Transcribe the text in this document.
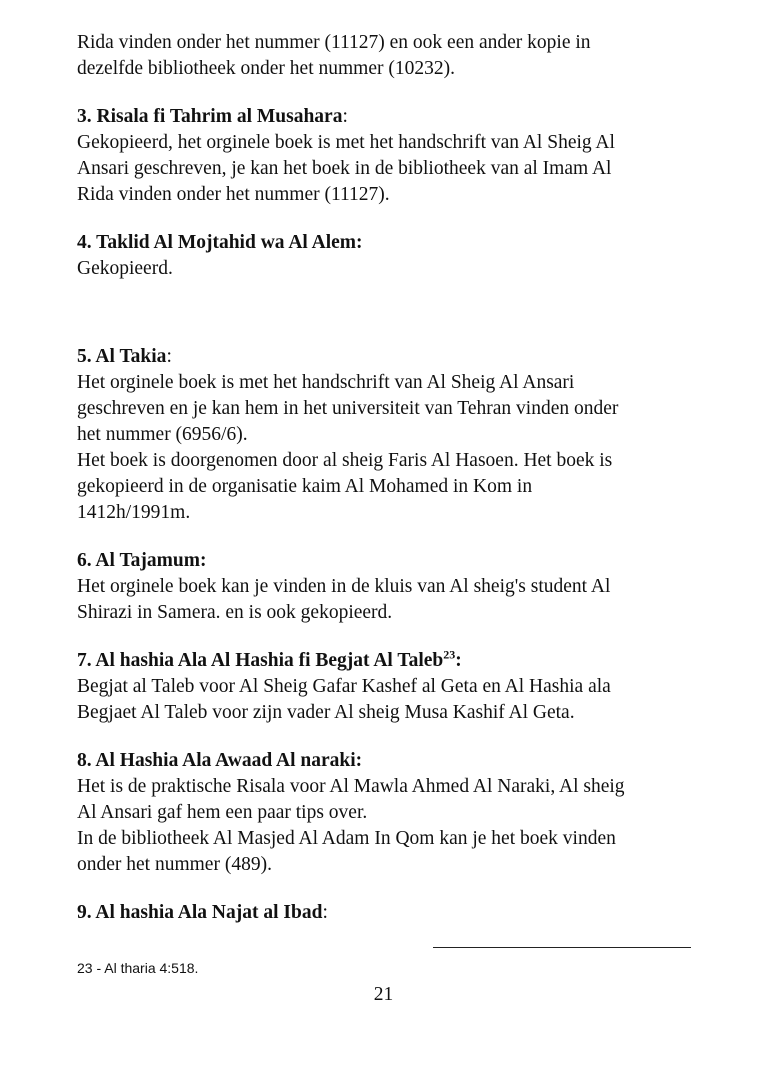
Rida vinden onder het nummer (11127) en ook een ander kopie in

dezelfde bibliotheek onder het nummer (10232).

3. Risala fi Tahrim al Musahara:

Gekopieerd, het orginele boek is met het handschrift van Al Sheig Al

Ansari geschreven, je kan het boek in de bibliotheek van al Imam Al

Rida vinden onder het nummer (11127).

4. Taklid Al Mojtahid wa Al Alem:

Gekopieerd.

5. Al Takia:

Het orginele boek is met het handschrift van Al Sheig Al Ansari

geschreven en je kan hem in het universiteit van Tehran vinden onder

het nummer (6956/6).

Het boek is doorgenomen door al sheig Faris Al Hasoen. Het boek is

gekopieerd in de organisatie kaim Al Mohamed in Kom in

1412h/1991m.

6. Al Tajamum:

Het orginele boek kan je vinden in de kluis van Al sheig's student Al

Shirazi in Samera. en is ook gekopieerd.

7. Al hashia Ala Al Hashia fi Begjat Al Taleb$^{23}$:

Begjat al Taleb voor Al Sheig Gafar Kashef al Geta en Al Hashia ala

Begjaet Al Taleb voor zijn vader Al sheig Musa Kashif Al Geta.

8. Al Hashia Ala Awaad Al naraki:

Het is de praktische Risala voor Al Mawla Ahmed Al Naraki, Al sheig

Al Ansari gaf hem een paar tips over.

In de bibliotheek Al Masjed Al Adam In Qom kan je het boek vinden

onder het nummer (489).

9. Al hashia Ala Najat al Ibad:

23 - Al tharia 4:518.
21
